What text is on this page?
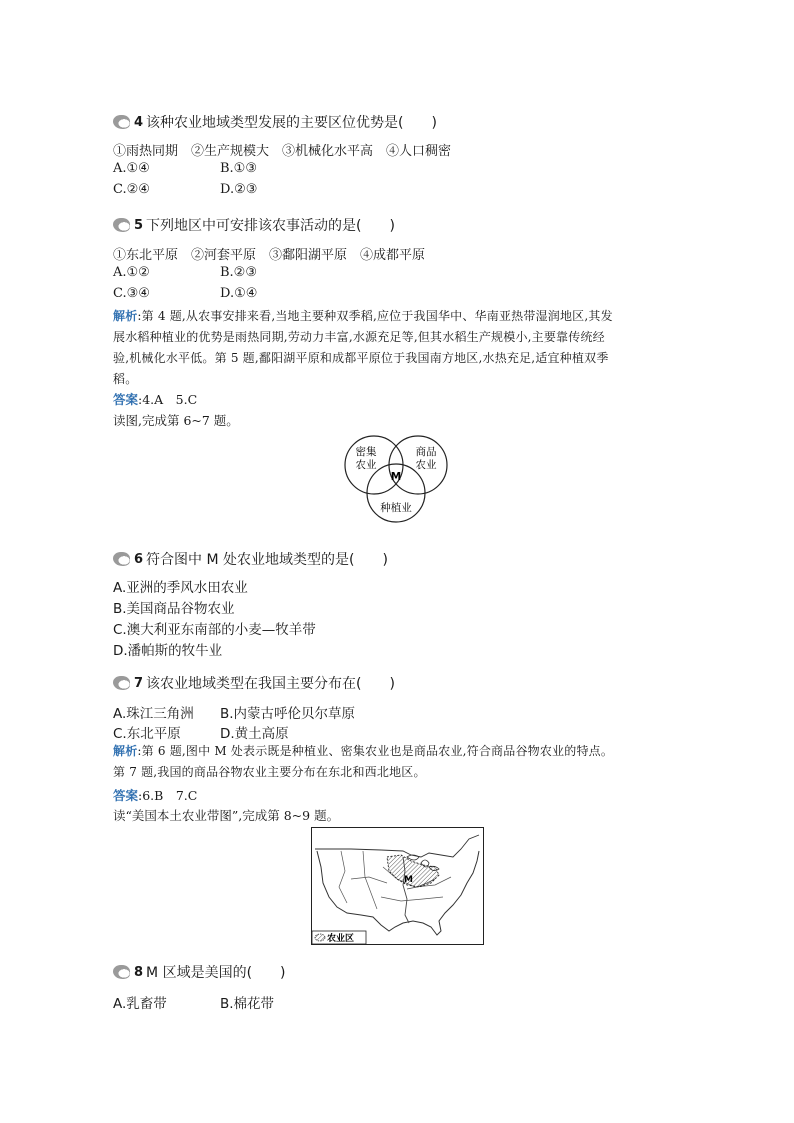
4 该种农业地域类型发展的主要区位优势是(　　)
①雨热同期　②生产规模大　③机械化水平高　④人口稠密
A.①④	B.①③
C.②④	D.②③
5 下列地区中可安排该农事活动的是(　　)
①东北平原　②河套平原　③鄱阳湖平原　④成都平原
A.①②	B.②③
C.③④	D.①④
解析:第 4 题,从农事安排来看,当地主要种双季稻,应位于我国华中、华南亚热带湿润地区,其发
展水稻种植业的优势是雨热同期,劳动力丰富,水源充足等,但其水稻生产规模小,主要靠传统经
验,机械化水平低。第 5 题,鄱阳湖平原和成都平原位于我国南方地区,水热充足,适宜种植双季
稻。
答案:4.A　5.C
读图,完成第 6~7 题。
密集
农业
商品
农业
种植业
M
6 符合图中 M 处农业地域类型的是(　　)
A.亚洲的季风水田农业
B.美国商品谷物农业
C.澳大利亚东南部的小麦—牧羊带
D.潘帕斯的牧牛业
7 该农业地域类型在我国主要分布在(　　)
A.珠江三角洲 B.内蒙古呼伦贝尔草原
C.东北平原	D.黄土高原
解析:第 6 题,图中 M 处表示既是种植业、密集农业也是商品农业,符合商品谷物农业的特点。
第 7 题,我国的商品谷物农业主要分布在东北和西北地区。
答案:6.B　7.C
读“美国本土农业带图”,完成第 8~9 题。
M
农业区
8 M 区域是美国的(　　)
A.乳畜带	B.棉花带
